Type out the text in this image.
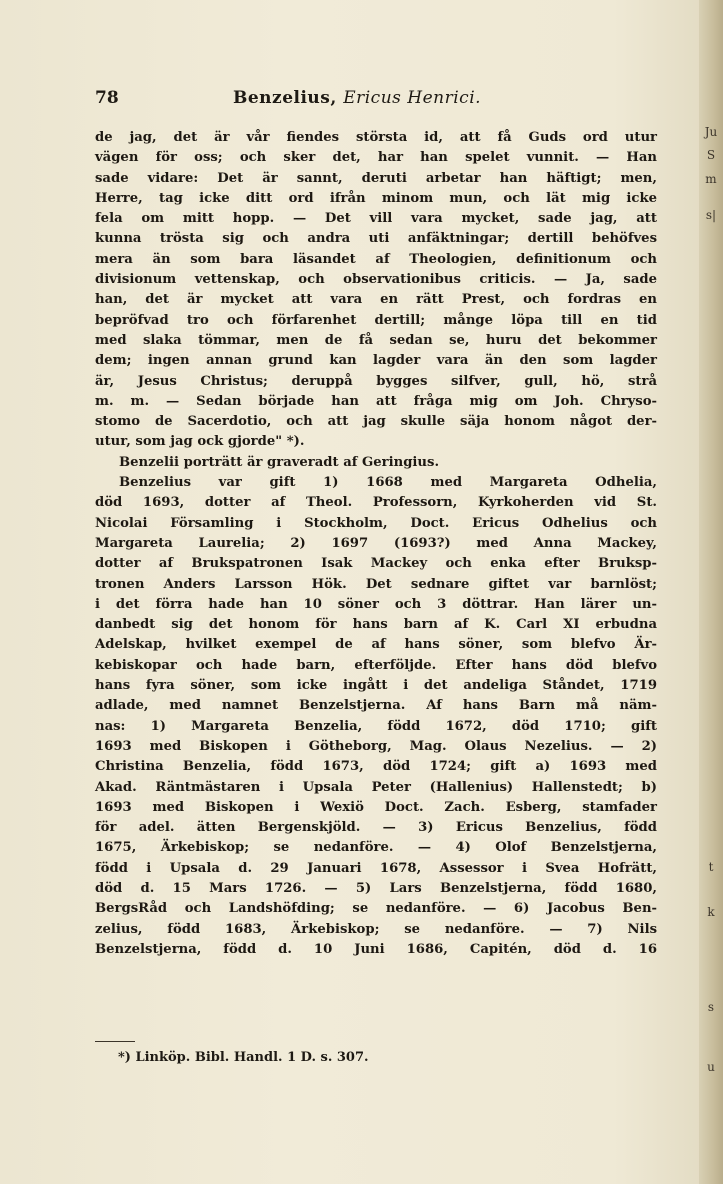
Ju
S
m
s|
t
k
s
u
78	Benzelius, Ericus Henrici.
de jag, det är vår fiendes största id, att få Guds ord utur
vägen för oss; och sker det, har han spelet vunnit. — Han
sade vidare: Det är sannt, deruti arbetar han häftigt; men,
Herre, tag icke ditt ord ifrån minom mun, och lät mig icke
fela om mitt hopp. — Det vill vara mycket, sade jag, att
kunna trösta sig och andra uti anfäktningar; dertill behöfves
mera än som bara läsandet af Theologien, definitionum och
divisionum vettenskap, och observationibus criticis. — Ja, sade
han, det är mycket att vara en rätt Prest, och fordras en
bepröfvad tro och förfarenhet dertill; månge löpa till en tid
med slaka tömmar, men de få sedan se, huru det bekommer
dem; ingen annan grund kan lagder vara än den som lagder
är, Jesus Christus; deruppå bygges silfver, gull, hö, strå
m. m. — Sedan började han att fråga mig om Joh. Chryso-
stomo de Sacerdotio, och att jag skulle säja honom något der-
utur, som jag ock gjorde" *).
Benzelii porträtt är graveradt af Geringius.
Benzelius var gift 1) 1668 med Margareta Odhelia,
död 1693, dotter af Theol. Professorn, Kyrkoherden vid St.
Nicolai Församling i Stockholm, Doct. Ericus Odhelius och
Margareta Laurelia; 2) 1697 (1693?) med Anna Mackey,
dotter af Brukspatronen Isak Mackey och enka efter Bruksp-
tronen Anders Larsson Hök. Det sednare giftet var barnlöst;
i det förra hade han 10 söner och 3 döttrar. Han lärer un-
danbedt sig det honom för hans barn af K. Carl XI erbudna
Adelskap, hvilket exempel de af hans söner, som blefvo Är-
kebiskopar och hade barn, efterföljde. Efter hans död blefvo
hans fyra söner, som icke ingått i det andeliga Ståndet, 1719
adlade, med namnet Benzelstjerna. Af hans Barn må näm-
nas: 1) Margareta Benzelia, född 1672, död 1710; gift
1693 med Biskopen i Götheborg, Mag. Olaus Nezelius. — 2)
Christina Benzelia, född 1673, död 1724; gift a) 1693 med
Akad. Räntmästaren i Upsala Peter (Hallenius) Hallenstedt; b)
1693 med Biskopen i Wexiö Doct. Zach. Esberg, stamfader
för adel. ätten Bergenskjöld. — 3) Ericus Benzelius, född
1675, Ärkebiskop; se nedanföre. — 4) Olof Benzelstjerna,
född i Upsala d. 29 Januari 1678, Assessor i Svea Hofrätt,
död d. 15 Mars 1726. — 5) Lars Benzelstjerna, född 1680,
BergsRåd och Landshöfding; se nedanföre. — 6) Jacobus Ben-
zelius, född 1683, Ärkebiskop; se nedanföre. — 7) Nils
Benzelstjerna, född d. 10 Juni 1686, Capitén, död d. 16
*) Linköp. Bibl. Handl. 1 D. s. 307.
